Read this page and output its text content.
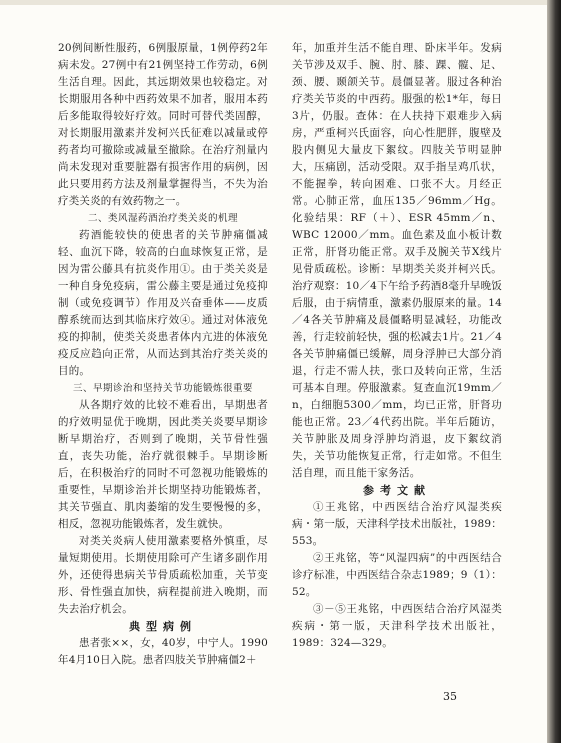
20例间断性服药，6例服原量，1例停药2年病未发。27例中有21例坚持工作劳动，6例生活自理。因此，其远期效果也较稳定。对长期服用各种中西药效果不加者，服用本药后多能取得较好疗效。同时可替代类固醇，对长期服用激素并发柯兴氏征难以减量或停药者均可撤除或减量至撤除。在治疗剂量内尚未发现对重要脏器有损害作用的病例，因此只要用药方法及剂量掌握得当，不失为治疗类关炎的有效药物之一。

二、类风湿药酒治疗类关炎的机理

药酒能较快的使患者的关节肿痛僵减轻、血沉下降，较高的白血球恢复正常，是因为雷公藤具有抗炎作用①。由于类关炎是一种自身免疫病，雷公藤主要是通过免疫抑制（或免疫调节）作用及兴奋垂体——皮质醇系统而达到其临床疗效④。通过对体液免疫的抑制，使类关炎患者体内亢进的体液免疫反应趋向正常，从而达到其治疗类关炎的目的。

三、早期诊治和坚持关节功能锻炼很重要

从各期疗效的比较不难看出，早期患者的疗效明显优于晚期，因此类关炎要早期诊断早期治疗，否则到了晚期，关节骨性强直，丧失功能，治疗就很棘手。早期诊断后，在积极治疗的同时不可忽视功能锻炼的重要性，早期诊治并长期坚持功能锻炼者，其关节强直、肌肉萎缩的发生要慢慢的多，相反，忽视功能锻炼者，发生就快。

对类关炎病人使用激素要格外慎重，尽量短期使用。长期使用除可产生诸多副作用外，还使得患病关节骨质疏松加重，关节变形、骨性强直加快，病程提前进入晚期，而失去治疗机会。

典型病例

患者张××，女，40岁，中宁人。1990年4月10日入院。患者四肢关节肿痛僵2＋

年，加重并生活不能自理、卧床半年。发病关节涉及双手、腕、肘、膝、踝、髋、足、颈、腰、颞颌关节。晨僵显著。服过各种治疗类关节炎的中西药。服强的松1*年，每日3片，仍服。查体：在人扶持下艰难步入病房，严重柯兴氏面容，向心性肥胖，腹壁及股内侧见大量皮下絮纹。四肢关节明显肿大，压痛剧，活动受限。双手指呈鸡爪状，不能握拳，转向困难、口张不大。月经正常。心肺正常，血压135／96mm／Hg。化验结果：RF（＋）、ESR 45mm／n、WBC 12000／mm。血色素及血小板计数正常，肝肾功能正常。双手及腕关节X线片见骨质疏松。诊断：早期类关炎并柯兴氏。治疗观察：10／4下午给予药酒8毫升早晚饭后服，由于病情重，激素仍服原来的量。14／4各关节肿痛及晨僵略明显减轻，功能改善，行走较前轻快，强的松减去1片。21／4各关节肿痛僵已缓解，周身浮肿已大部分消退，行走不需人扶，张口及转向正常，生活可基本自理。停服激素。复查血沉19mm／n，白细胞5300／mm，均已正常，肝肾功能也正常。23／4代药出院。半年后随访，关节肿胀及周身浮肿均消退，皮下絮纹消失，关节功能恢复正常，行走如常。不但生活自理，而且能干家务活。

参考文献

①王兆铭，中西医结合治疗风湿类疾病・第一版，天津科学技术出版社，1989：553。

②王兆铭，等“风湿四病”的中西医结合诊疗标准，中西医结合杂志1989；9（1）：52。

③－⑤王兆铭，中西医结合治疗风湿类疾病・第一版，天津科学技术出版社，1989：324—329。

35
